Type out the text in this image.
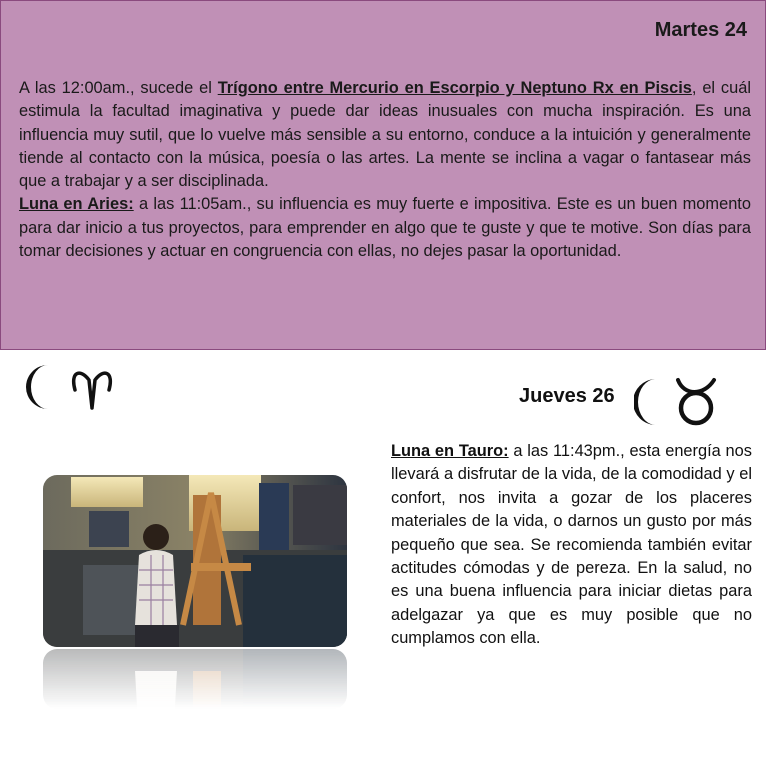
Martes 24

A las 12:00am., sucede el Trígono entre Mercurio en Escorpio y Neptuno Rx en Piscis, el cuál estimula la facultad imaginativa y puede dar ideas inusuales con mucha inspiración. Es una influencia muy sutil, que lo vuelve más sensible a su entorno, conduce a la intuición y generalmente tiende al contacto con la música, poesía o las artes. La mente se inclina a vagar o fantasear más que a trabajar y a ser disciplinada.

Luna en Aries: a las 11:05am., su influencia es muy fuerte e impositiva. Este es un buen momento para dar inicio a tus proyectos, para emprender en algo que te guste y que te motive. Son días para tomar decisiones y actuar en congruencia con ellas, no dejes pasar la oportunidad.

Jueves 26

Luna en Tauro: a las 11:43pm., esta energía nos llevará a disfrutar de la vida, de la comodidad y el confort, nos invita a gozar de los placeres materiales de la vida, o darnos un gusto por más pequeño que sea. Se recomienda también evitar actitudes cómodas y de pereza. En la salud, no es una buena influencia para iniciar dietas para adelgazar ya que es muy posible que no cumplamos con ella.
